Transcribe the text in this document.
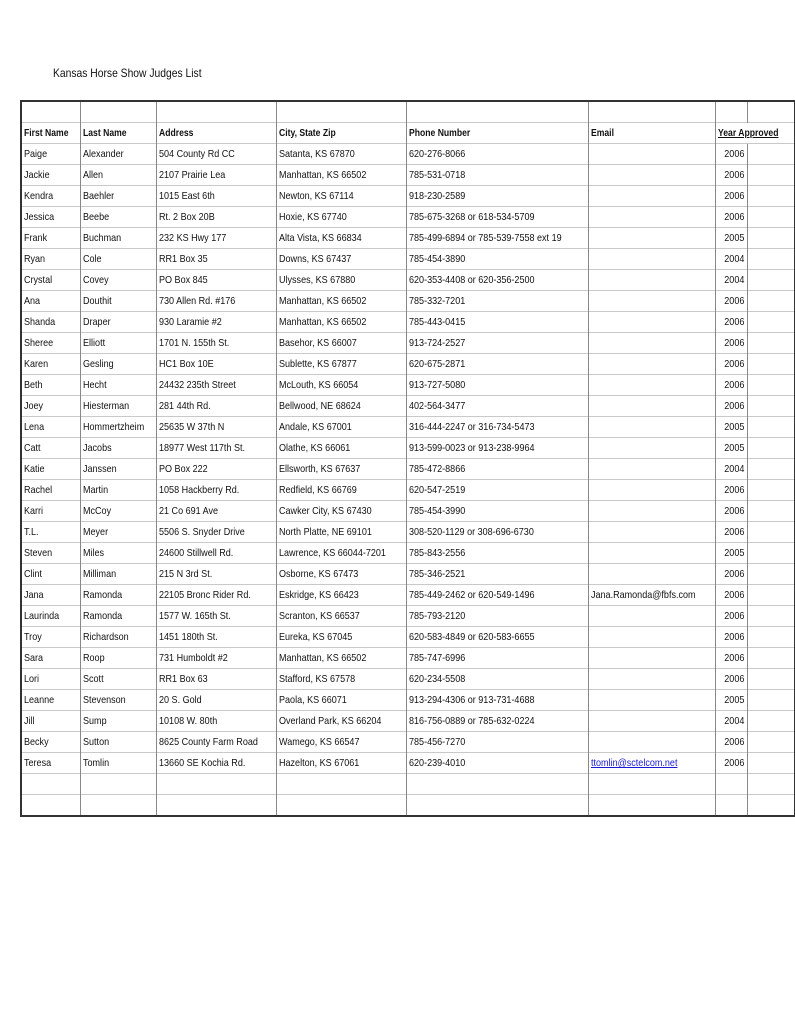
Kansas Horse Show Judges List

First Name	Last Name	Address	City, State Zip	Phone Number	Email	Year Approved	
Paige	Alexander	504 County Rd CC	Satanta, KS 67870	620-276-8066		2006	
Jackie	Allen	2107 Prairie Lea	Manhattan, KS 66502	785-531-0718		2006	
Kendra	Baehler	1015 East 6th	Newton, KS 67114	918-230-2589		2006	
Jessica	Beebe	Rt. 2 Box 20B	Hoxie, KS 67740	785-675-3268 or 618-534-5709		2006	
Frank	Buchman	232 KS Hwy 177	Alta Vista, KS 66834	785-499-6894 or 785-539-7558 ext 19		2005	
Ryan	Cole	RR1 Box 35	Downs, KS 67437	785-454-3890		2004	
Crystal	Covey	PO Box 845	Ulysses, KS 67880	620-353-4408 or 620-356-2500		2004	
Ana	Douthit	730 Allen Rd. #176	Manhattan, KS 66502	785-332-7201		2006	
Shanda	Draper	930 Laramie #2	Manhattan, KS 66502	785-443-0415		2006	
Sheree	Elliott	1701 N. 155th St.	Basehor, KS 66007	913-724-2527		2006	
Karen	Gesling	HC1 Box 10E	Sublette, KS 67877	620-675-2871		2006	
Beth	Hecht	24432 235th Street	McLouth, KS 66054	913-727-5080		2006	
Joey	Hiesterman	281 44th Rd.	Bellwood, NE 68624	402-564-3477		2006	
Lena	Hommertzheim	25635 W 37th N	Andale, KS 67001	316-444-2247 or 316-734-5473		2005	
Catt	Jacobs	18977 West 117th St.	Olathe, KS 66061	913-599-0023 or 913-238-9964		2005	
Katie	Janssen	PO Box 222	Ellsworth, KS 67637	785-472-8866		2004	
Rachel	Martin	1058 Hackberry Rd.	Redfield, KS 66769	620-547-2519		2006	
Karri	McCoy	21 Co 691 Ave	Cawker City, KS 67430	785-454-3990		2006	
T.L.	Meyer	5506 S. Snyder Drive	North Platte, NE 69101	308-520-1129 or 308-696-6730		2006	
Steven	Miles	24600 Stillwell Rd.	Lawrence, KS 66044-7201	785-843-2556		2005	
Clint	Milliman	215 N 3rd St.	Osborne, KS 67473	785-346-2521		2006	
Jana	Ramonda	22105 Bronc Rider Rd.	Eskridge, KS 66423	785-449-2462 or 620-549-1496	Jana.Ramonda@fbfs.com	2006	
Laurinda	Ramonda	1577 W. 165th St.	Scranton, KS 66537	785-793-2120		2006	
Troy	Richardson	1451 180th St.	Eureka, KS 67045	620-583-4849 or 620-583-6655		2006	
Sara	Roop	731 Humboldt #2	Manhattan, KS 66502	785-747-6996		2006	
Lori	Scott	RR1 Box 63	Stafford, KS 67578	620-234-5508		2006	
Leanne	Stevenson	20 S. Gold	Paola, KS 66071	913-294-4306 or 913-731-4688		2005	
Jill	Sump	10108 W. 80th	Overland Park, KS 66204	816-756-0889 or 785-632-0224		2004	
Becky	Sutton	8625 County Farm Road	Wamego, KS 66547	785-456-7270		2006	
Teresa	Tomlin	13660 SE Kochia Rd.	Hazelton, KS 67061	620-239-4010	ttomlin@sctelcom.net	2006	
